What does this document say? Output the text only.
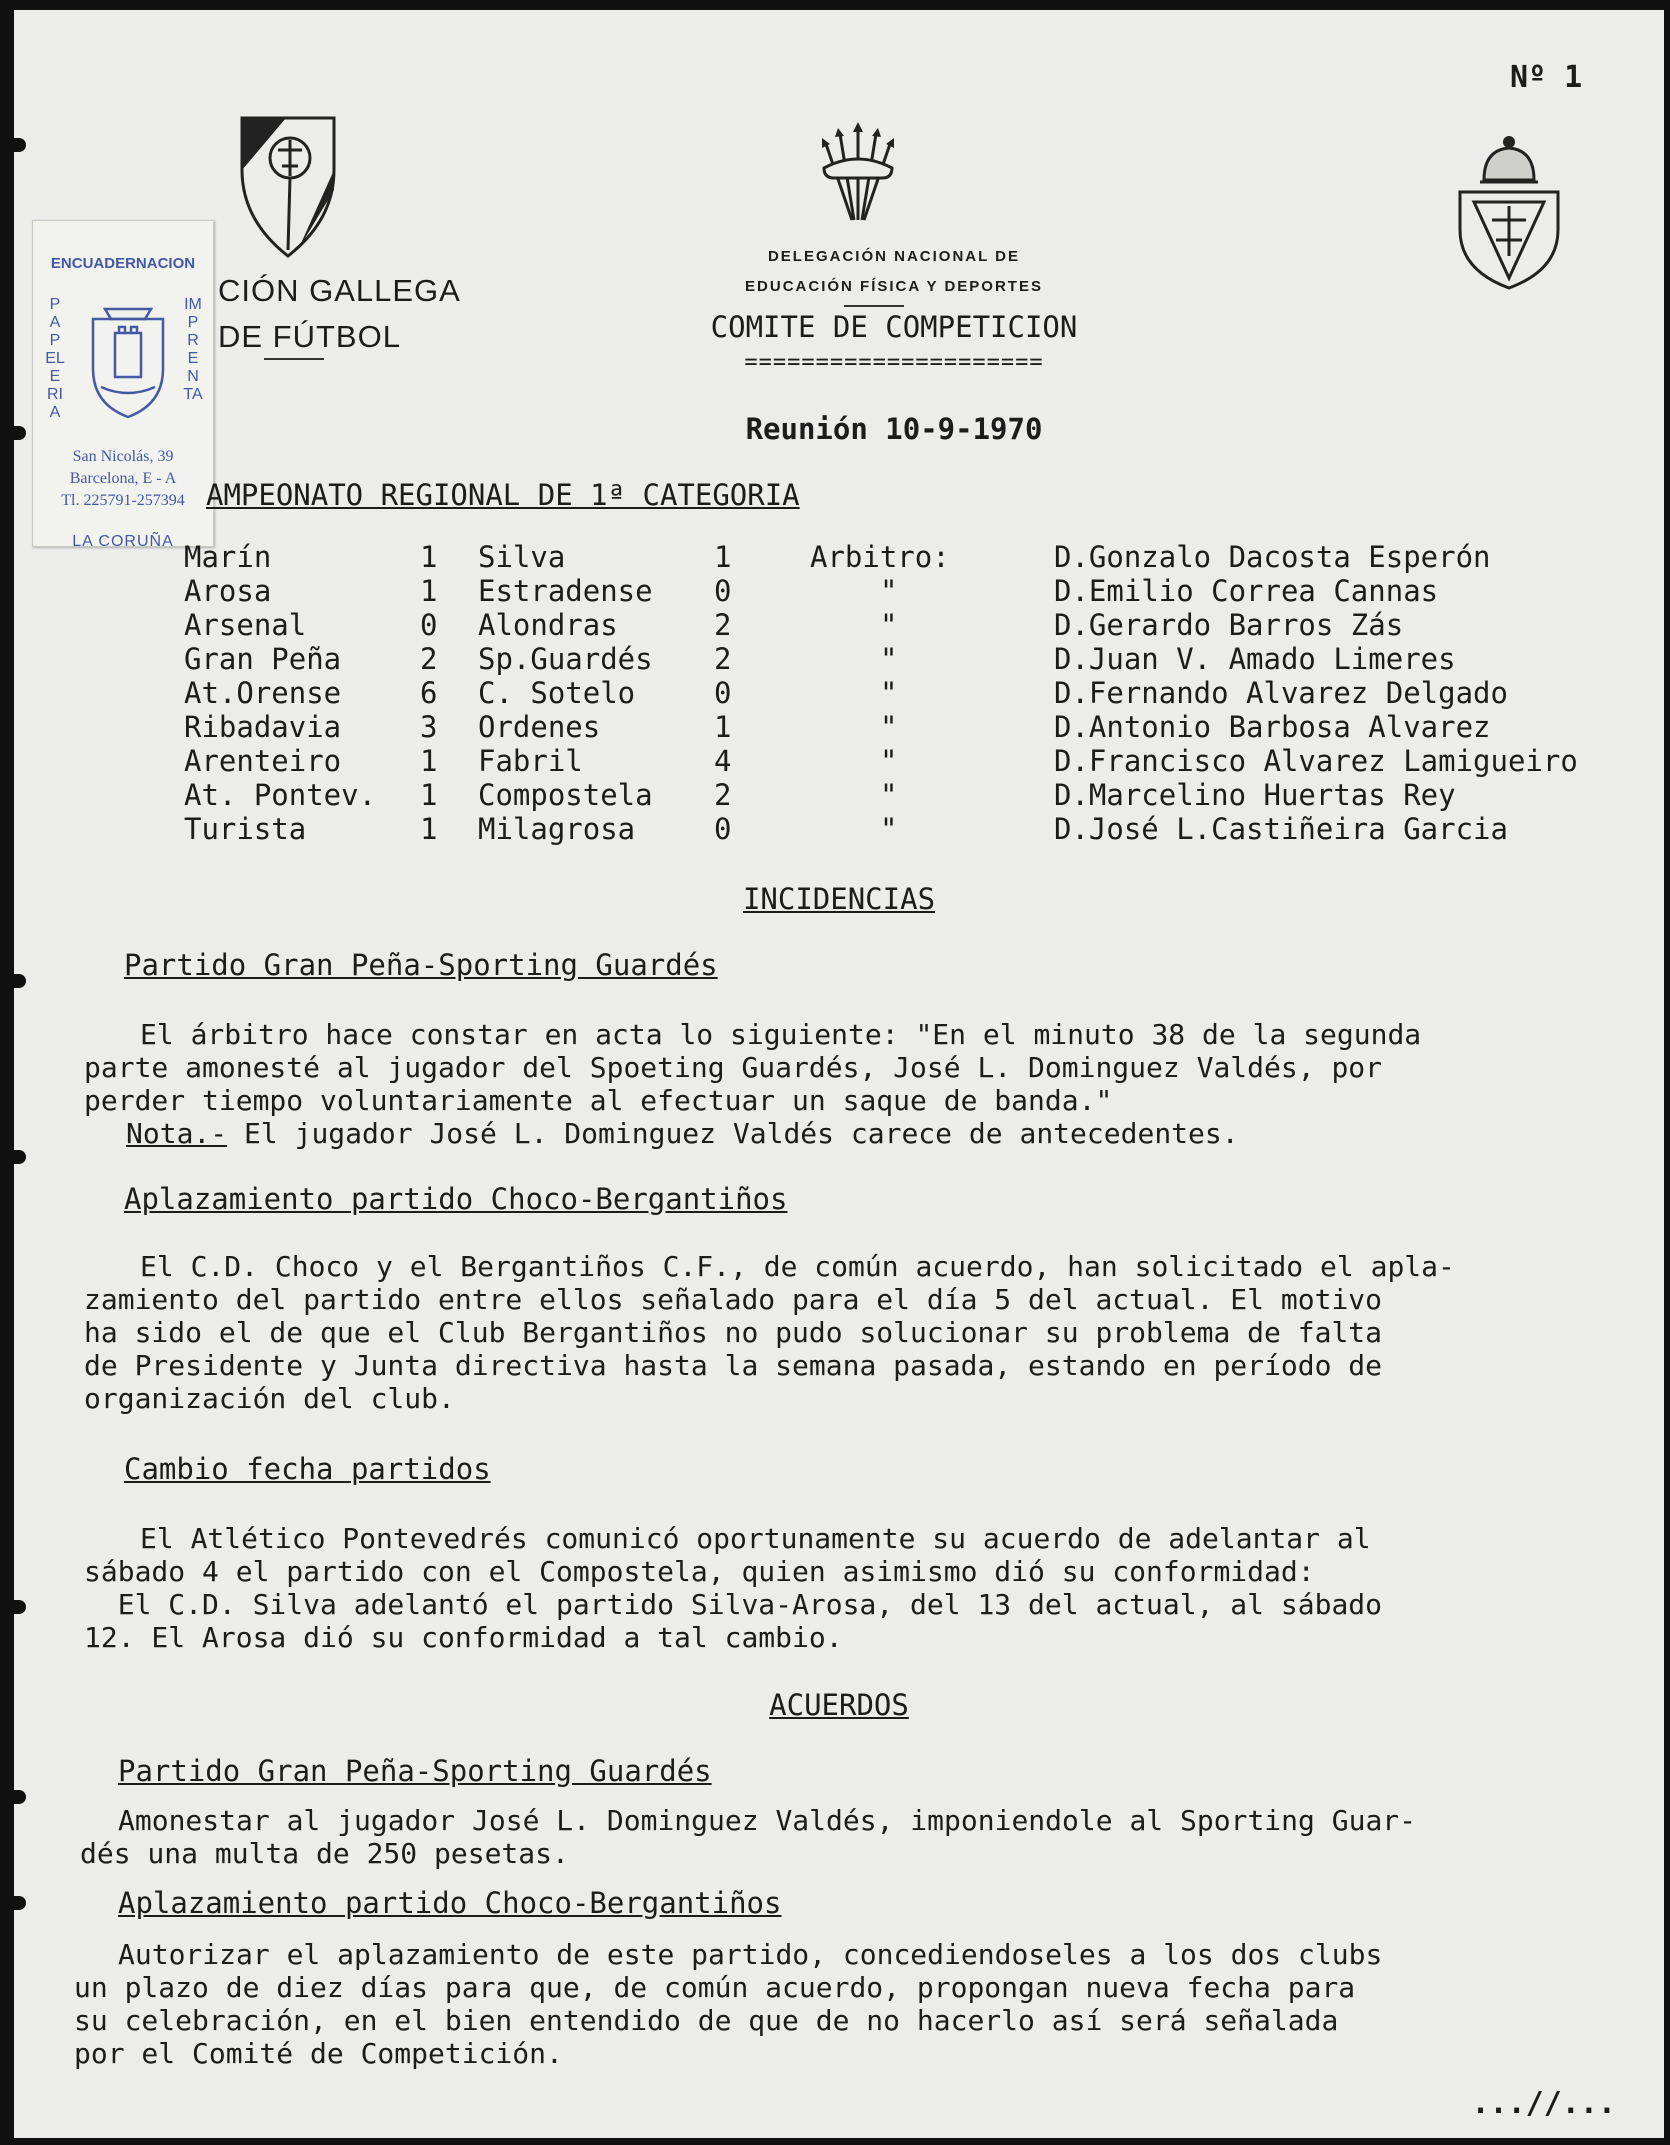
Nº 1
CIÓN GALLEGA
DE FÚTBOL
DELEGACIÓN NACIONAL DE
EDUCACIÓN FÍSICA Y DEPORTES
COMITE DE COMPETICION
=====================
Reunión 10-9-1970
ENCUADERNACION
PAPELERIA
IMPRENTA
San Nicolás, 39
Barcelona, E - A
Tl. 225791-257394
LA CORUÑA
AMPEONATO REGIONAL DE 1ª CATEGORIA
Marín	1	Silva	1	Arbitro:	D.Gonzalo Dacosta Esperón
Arosa	1	Estradense	0	"	D.Emilio Correa Cannas
Arsenal	0	Alondras	2	"	D.Gerardo Barros Zás
Gran Peña	2	Sp.Guardés	2	"	D.Juan V. Amado Limeres
At.Orense	6	C. Sotelo	0	"	D.Fernando Alvarez Delgado
Ribadavia	3	Ordenes	1	"	D.Antonio Barbosa Alvarez
Arenteiro	1	Fabril	4	"	D.Francisco Alvarez Lamigueiro
At. Pontev.	1	Compostela	2	"	D.Marcelino Huertas Rey
Turista	1	Milagrosa	0	"	D.José L.Castiñeira Garcia
INCIDENCIAS
Partido Gran Peña-Sporting Guardés
El árbitro hace constar en acta lo siguiente: "En el minuto 38 de la segunda
parte amonesté al jugador del Spoeting Guardés, José L. Dominguez Valdés, por
perder tiempo voluntariamente al efectuar un saque de banda."
Nota.- El jugador José L. Dominguez Valdés carece de antecedentes.
Aplazamiento partido Choco-Bergantiños
El C.D. Choco y el Bergantiños C.F., de común acuerdo, han solicitado el apla-
zamiento del partido entre ellos señalado para el día 5 del actual. El motivo
ha sido el de que el Club Bergantiños no pudo solucionar su problema de falta
de Presidente y Junta directiva hasta la semana pasada, estando en período de
organización del club.
Cambio fecha partidos
El Atlético Pontevedrés comunicó oportunamente su acuerdo de adelantar al
sábado 4 el partido con el Compostela, quien asimismo dió su conformidad:
El C.D. Silva adelantó el partido Silva-Arosa, del 13 del actual, al sábado
12. El Arosa dió su conformidad a tal cambio.
ACUERDOS
Partido Gran Peña-Sporting Guardés
Amonestar al jugador José L. Dominguez Valdés, imponiendole al Sporting Guar-
dés una multa de 250 pesetas.
Aplazamiento partido Choco-Bergantiños
Autorizar el aplazamiento de este partido, concediendoseles a los dos clubs
un plazo de diez días para que, de común acuerdo, propongan nueva fecha para
su celebración, en el bien entendido de que de no hacerlo así será señalada
por el Comité de Competición.
...//...
